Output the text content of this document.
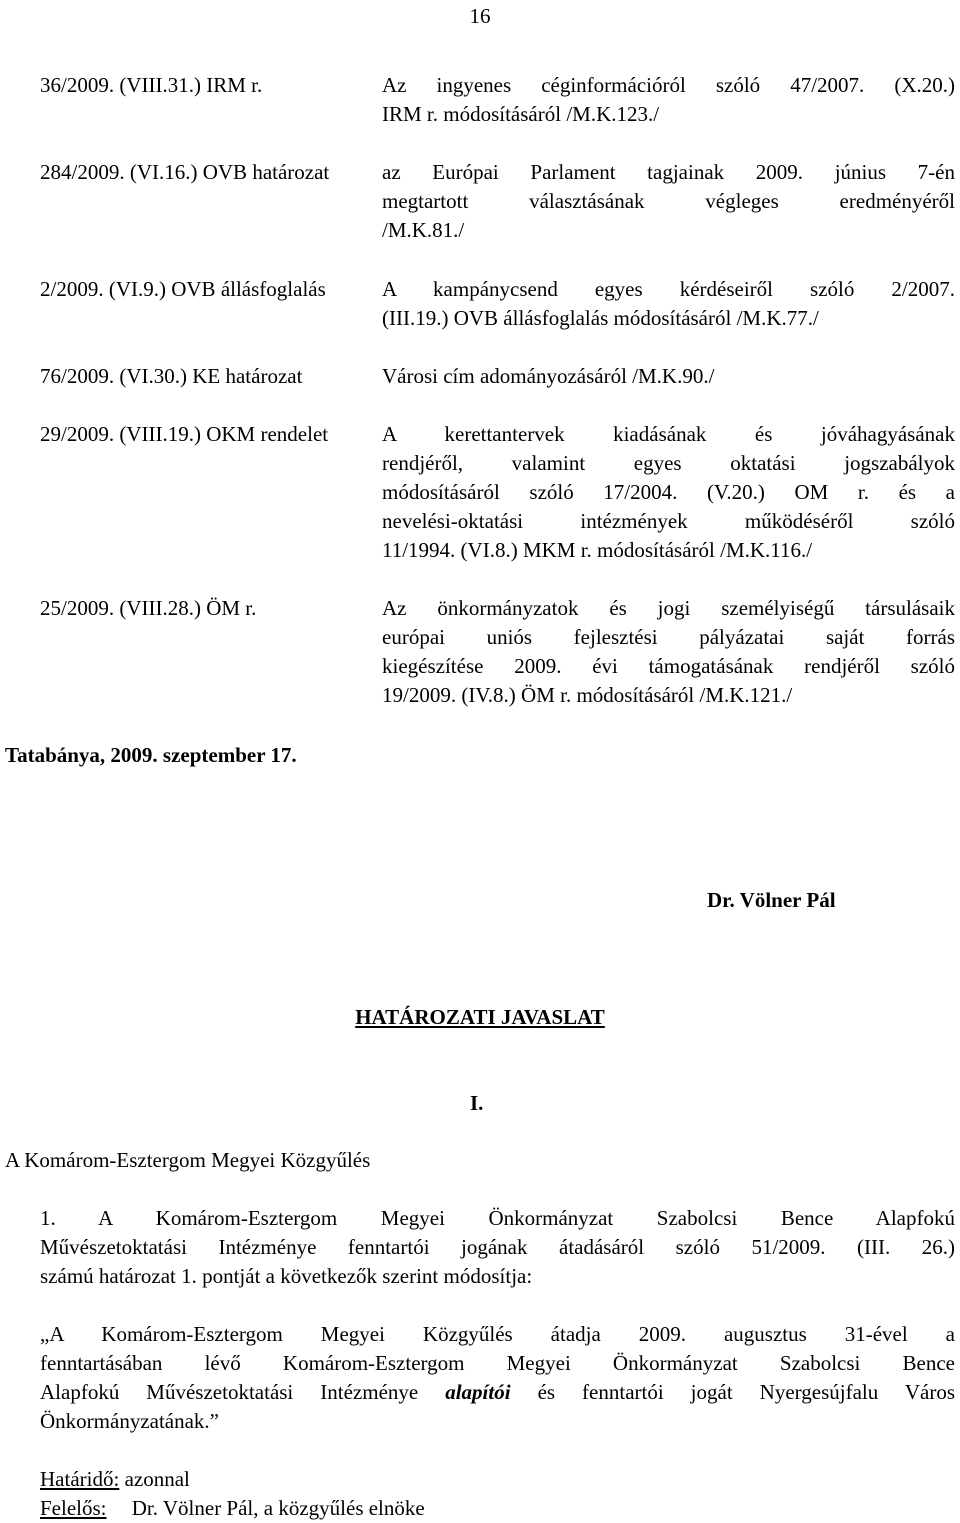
16
36/2009. (VIII.31.) IRM r.	Az ingyenes céginformációról szóló 47/2007. (X.20.)
IRM r. módosításáról /M.K.123./
284/2009. (VI.16.) OVB határozat	az Európai Parlament tagjainak 2009. június 7-én
megtartott választásának végleges eredményéről
/M.K.81./
2/2009. (VI.9.) OVB állásfoglalás	A kampánycsend egyes kérdéseiről szóló 2/2007.
(III.19.) OVB állásfoglalás módosításáról /M.K.77./
76/2009. (VI.30.) KE határozat	Városi cím adományozásáról /M.K.90./
29/2009. (VIII.19.) OKM rendelet	A kerettantervek kiadásának és jóváhagyásának
rendjéről, valamint egyes oktatási jogszabályok
módosításáról szóló 17/2004. (V.20.) OM r. és a
nevelési-oktatási intézmények működéséről szóló
11/1994. (VI.8.) MKM r. módosításáról /M.K.116./
25/2009. (VIII.28.) ÖM r.	Az önkormányzatok és jogi személyiségű társulásaik
európai uniós fejlesztési pályázatai saját forrás
kiegészítése 2009. évi támogatásának rendjéről szóló
19/2009. (IV.8.) ÖM r. módosításáról /M.K.121./
Tatabánya, 2009. szeptember 17.
Dr. Völner Pál
HATÁROZATI JAVASLAT
I.
A Komárom-Esztergom Megyei Közgyűlés
1. A Komárom-Esztergom Megyei Önkormányzat Szabolcsi Bence Alapfokú
Művészetoktatási Intézménye fenntartói jogának átadásáról szóló 51/2009. (III. 26.)
számú határozat 1. pontját a következők szerint módosítja:
„A Komárom-Esztergom Megyei Közgyűlés átadja 2009. augusztus 31-ével a
fenntartásában lévő Komárom-Esztergom Megyei Önkormányzat Szabolcsi Bence
Alapfokú Művészetoktatási Intézménye alapítói és fenntartói jogát Nyergesújfalu Város
Önkormányzatának.”
Határidő: azonnal
Felelős: Dr. Völner Pál, a közgyűlés elnöke
